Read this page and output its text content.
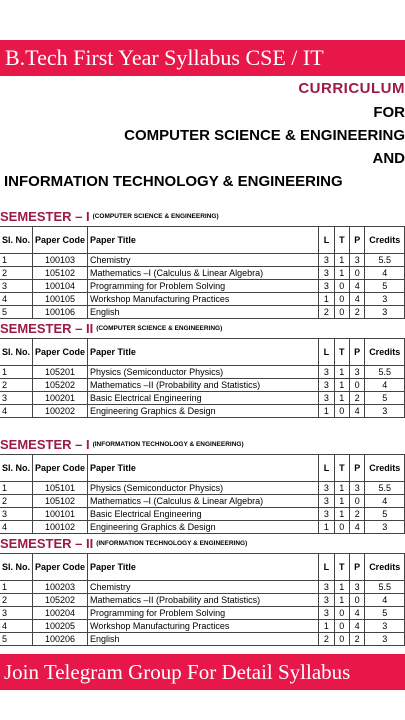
B.Tech First Year Syllabus CSE / IT
CURRICULUM
FOR
COMPUTER SCIENCE & ENGINEERING
AND
INFORMATION TECHNOLOGY & ENGINEERING
SEMESTER – I $^{(COMPUTER SCIENCE \& ENGINEERING)}$
Sl. No.	Paper Code	Paper Title	L	T	P	Credits
1	100103	Chemistry	3	1	3	5.5
2	105102	Mathematics –I (Calculus & Linear Algebra)	3	1	0	4
3	100104	Programming for Problem Solving	3	0	4	5
4	100105	Workshop Manufacturing Practices	1	0	4	3
5	100106	English	2	0	2	3
SEMESTER – II $^{(COMPUTER SCIENCE \& ENGINEERING)}$
Sl. No.	Paper Code	Paper Title	L	T	P	Credits
1	105201	Physics (Semiconductor Physics)	3	1	3	5.5
2	105202	Mathematics –II (Probability and Statistics)	3	1	0	4
3	100201	Basic Electrical Engineering	3	1	2	5
4	100202	Engineering Graphics & Design	1	0	4	3
SEMESTER – I $^{(INFORMATION TECHNOLOGY \& ENGINEERING)}$
Sl. No.	Paper Code	Paper Title	L	T	P	Credits
1	105101	Physics (Semiconductor Physics)	3	1	3	5.5
2	105102	Mathematics –I (Calculus & Linear Algebra)	3	1	0	4
3	100101	Basic Electrical Engineering	3	1	2	5
4	100102	Engineering Graphics & Design	1	0	4	3
SEMESTER – II $^{(INFORMATION TECHNOLOGY \& ENGINEERING)}$
Sl. No.	Paper Code	Paper Title	L	T	P	Credits
1	100203	Chemistry	3	1	3	5.5
2	105202	Mathematics –II (Probability and Statistics)	3	1	0	4
3	100204	Programming for Problem Solving	3	0	4	5
4	100205	Workshop Manufacturing Practices	1	0	4	3
5	100206	English	2	0	2	3
Join Telegram Group For Detail Syllabus
